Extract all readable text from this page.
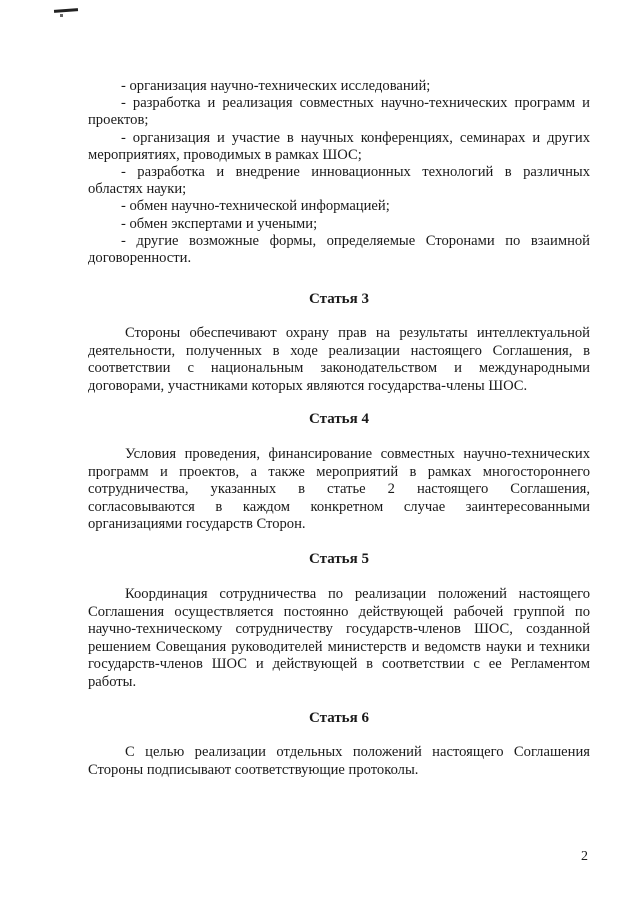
- организация научно-технических исследований;

- разработка и реализация совместных научно-технических программ и проектов;

- организация и участие в научных конференциях, семинарах и других мероприятиях, проводимых в рамках ШОС;

- разработка и внедрение инновационных технологий в различных областях науки;

- обмен научно-технической информацией;

- обмен экспертами и учеными;

- другие возможные формы, определяемые Сторонами по взаимной договоренности.

Статья 3

Стороны обеспечивают охрану прав на результаты интеллектуальной деятельности, полученных в ходе реализации настоящего Соглашения, в соответствии с национальным законодательством и международными договорами, участниками которых являются государства-члены ШОС.

Статья 4

Условия проведения, финансирование совместных научно-технических программ и проектов, а также мероприятий в рамках многостороннего сотрудничества, указанных в статье 2 настоящего Соглашения, согласовываются в каждом конкретном случае заинтересованными организациями государств Сторон.

Статья 5

Координация сотрудничества по реализации положений настоящего Соглашения осуществляется постоянно действующей рабочей группой по научно-техническому сотрудничеству государств-членов ШОС, созданной решением Совещания руководителей министерств и ведомств науки и техники государств-членов ШОС и действующей в соответствии с ее Регламентом работы.

Статья 6

С целью реализации отдельных положений настоящего Соглашения Стороны подписывают соответствующие протоколы.

2
